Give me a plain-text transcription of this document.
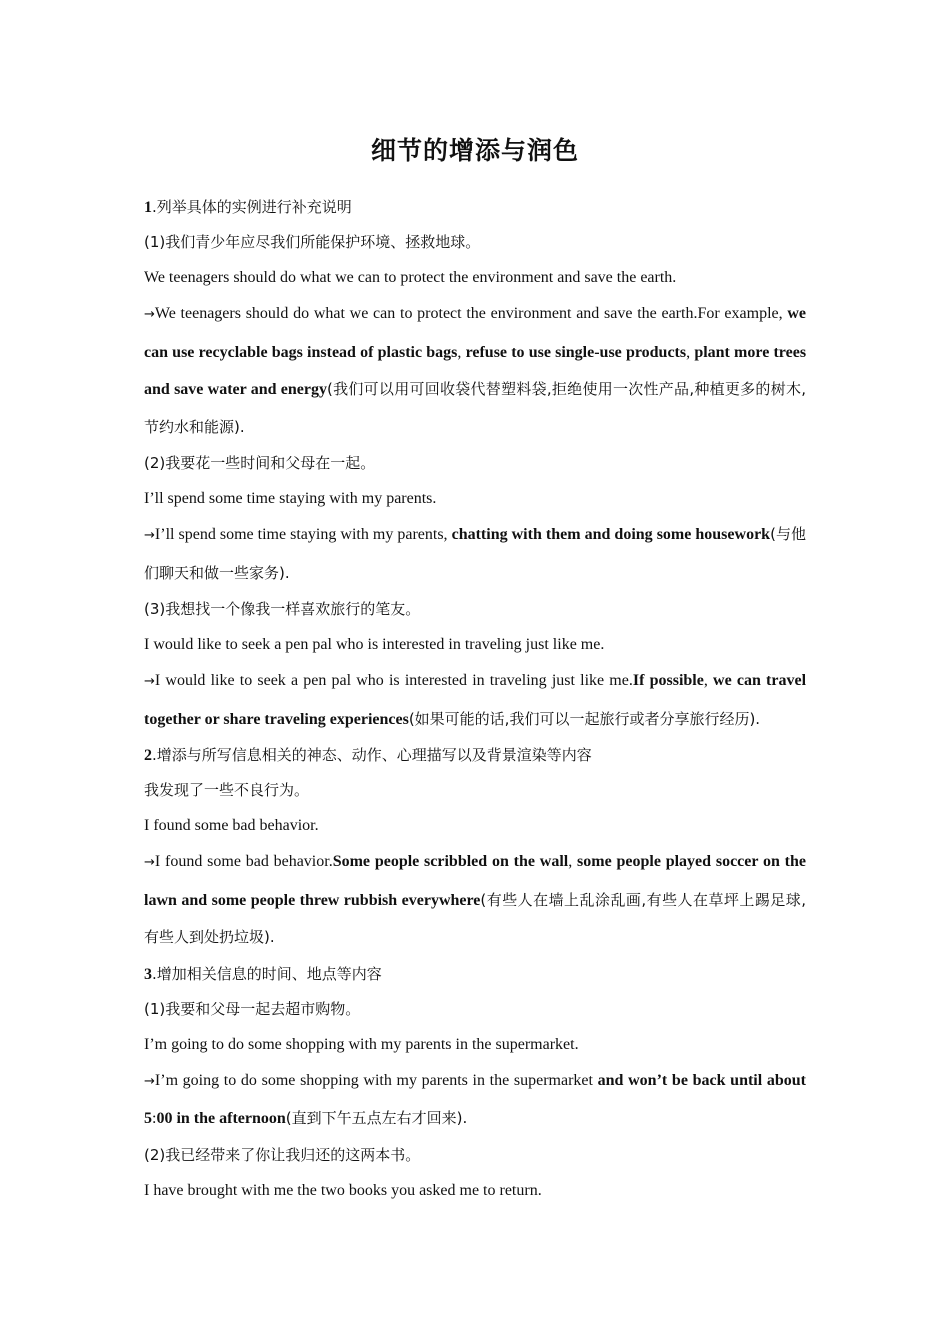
细节的增添与润色

1.列举具体的实例进行补充说明

(1)我们青少年应尽我们所能保护环境、拯救地球。

We teenagers should do what we can to protect the environment and save the earth.

→We teenagers should do what we can to protect the environment and save the earth.For example, we can use recyclable bags instead of plastic bags, refuse to use single-use products, plant more trees and save water and energy(我们可以用可回收袋代替塑料袋,拒绝使用一次性产品,种植更多的树木,节约水和能源).

(2)我要花一些时间和父母在一起。

I’ll spend some time staying with my parents.

→I’ll spend some time staying with my parents, chatting with them and doing some housework(与他们聊天和做一些家务).

(3)我想找一个像我一样喜欢旅行的笔友。

I would like to seek a pen pal who is interested in traveling just like me.

→I would like to seek a pen pal who is interested in traveling just like me.If possible, we can travel together or share traveling experiences(如果可能的话,我们可以一起旅行或者分享旅行经历).

2.增添与所写信息相关的神态、动作、心理描写以及背景渲染等内容

我发现了一些不良行为。

I found some bad behavior.

→I found some bad behavior.Some people scribbled on the wall, some people played soccer on the lawn and some people threw rubbish everywhere(有些人在墙上乱涂乱画,有些人在草坪上踢足球,有些人到处扔垃圾).

3.增加相关信息的时间、地点等内容

(1)我要和父母一起去超市购物。

I’m going to do some shopping with my parents in the supermarket.

→I’m going to do some shopping with my parents in the supermarket and won’t be back until about 5:00 in the afternoon(直到下午五点左右才回来).

(2)我已经带来了你让我归还的这两本书。

I have brought with me the two books you asked me to return.
